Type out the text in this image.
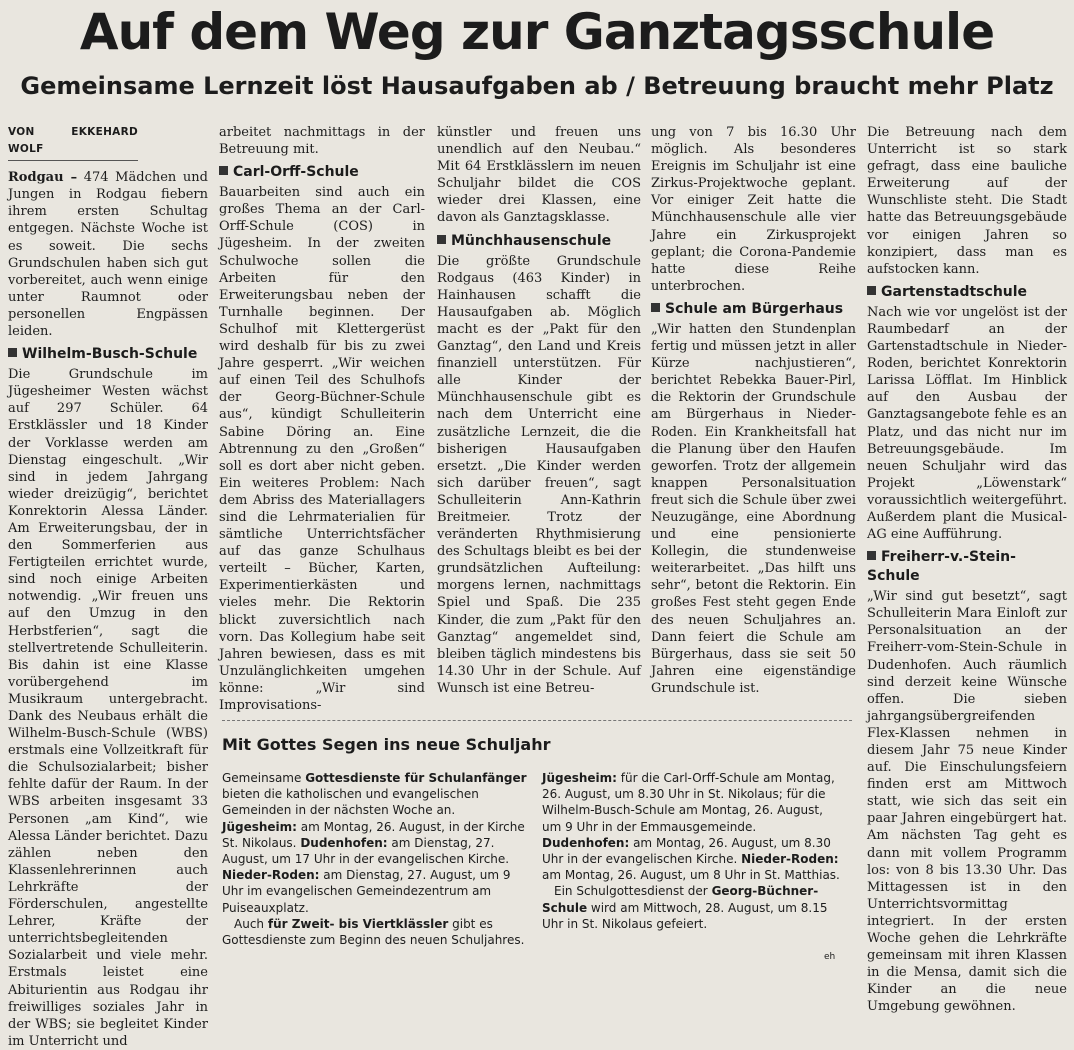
Auf dem Weg zur Ganztagsschule
Gemeinsame Lernzeit löst Hausaufgaben ab / Betreuung braucht mehr Platz
VON EKKEHARD WOLF

Rodgau – 474 Mädchen und Jungen in Rodgau fiebern ihrem ersten Schultag entgegen. Nächste Woche ist es soweit. Die sechs Grundschulen haben sich gut vorbereitet, auch wenn einige unter Raumnot oder personellen Engpässen leiden.

Wilhelm-Busch-Schule

Die Grundschule im Jügesheimer Westen wächst auf 297 Schüler. 64 Erstklässler und 18 Kinder der Vorklasse werden am Dienstag eingeschult. „Wir sind in jedem Jahrgang wieder dreizügig“, berichtet Konrektorin Alessa Länder. Am Erweiterungsbau, der in den Sommerferien aus Fertigteilen errichtet wurde, sind noch einige Arbeiten notwendig. „Wir freuen uns auf den Umzug in den Herbstferien“, sagt die stellvertretende Schulleiterin. Bis dahin ist eine Klasse vorübergehend im Musikraum untergebracht. Dank des Neubaus erhält die Wilhelm-Busch-Schule (WBS) erstmals eine Vollzeitkraft für die Schulsozialarbeit; bisher fehlte dafür der Raum. In der WBS arbeiten insgesamt 33 Personen „am Kind“, wie Alessa Länder berichtet. Dazu zählen neben den Klassenlehrerinnen auch Lehrkräfte der Förderschulen, angestellte Lehrer, Kräfte der unterrichtsbegleitenden Sozialarbeit und viele mehr. Erstmals leistet eine Abiturientin aus Rodgau ihr freiwilliges soziales Jahr in der WBS; sie begleitet Kinder im Unterricht und

arbeitet nachmittags in der Betreuung mit.

Carl-Orff-Schule

Bauarbeiten sind auch ein großes Thema an der Carl-Orff-Schule (COS) in Jügesheim. In der zweiten Schulwoche sollen die Arbeiten für den Erweiterungsbau neben der Turnhalle beginnen. Der Schulhof mit Klettergerüst wird deshalb für bis zu zwei Jahre gesperrt. „Wir weichen auf einen Teil des Schulhofs der Georg-Büchner-Schule aus“, kündigt Schulleiterin Sabine Döring an. Eine Abtrennung zu den „Großen“ soll es dort aber nicht geben. Ein weiteres Problem: Nach dem Abriss des Materiallagers sind die Lehrmaterialien für sämtliche Unterrichtsfächer auf das ganze Schulhaus verteilt – Bücher, Karten, Experimentierkästen und vieles mehr. Die Rektorin blickt zuversichtlich nach vorn. Das Kollegium habe seit Jahren bewiesen, dass es mit Unzulänglichkeiten umgehen könne: „Wir sind Improvisations-

künstler und freuen uns unendlich auf den Neubau.“ Mit 64 Erstklässlern im neuen Schuljahr bildet die COS wieder drei Klassen, eine davon als Ganztagsklasse.

Münchhausenschule

Die größte Grundschule Rodgaus (463 Kinder) in Hainhausen schafft die Hausaufgaben ab. Möglich macht es der „Pakt für den Ganztag“, den Land und Kreis finanziell unterstützen. Für alle Kinder der Münchhausenschule gibt es nach dem Unterricht eine zusätzliche Lernzeit, die die bisherigen Hausaufgaben ersetzt. „Die Kinder werden sich darüber freuen“, sagt Schulleiterin Ann-Kathrin Breitmeier. Trotz der veränderten Rhythmisierung des Schultags bleibt es bei der grundsätzlichen Aufteilung: morgens lernen, nachmittags Spiel und Spaß. Die 235 Kinder, die zum „Pakt für den Ganztag“ angemeldet sind, bleiben täglich mindestens bis 14.30 Uhr in der Schule. Auf Wunsch ist eine Betreu-

ung von 7 bis 16.30 Uhr möglich. Als besonderes Ereignis im Schuljahr ist eine Zirkus-Projektwoche geplant. Vor einiger Zeit hatte die Münchhausenschule alle vier Jahre ein Zirkusprojekt geplant; die Corona-Pandemie hatte diese Reihe unterbrochen.

Schule am Bürgerhaus

„Wir hatten den Stundenplan fertig und müssen jetzt in aller Kürze nachjustieren“, berichtet Rebekka Bauer-Pirl, die Rektorin der Grundschule am Bürgerhaus in Nieder-Roden. Ein Krankheitsfall hat die Planung über den Haufen geworfen. Trotz der allgemein knappen Personalsituation freut sich die Schule über zwei Neuzugänge, eine Abordnung und eine pensionierte Kollegin, die stundenweise weiterarbeitet. „Das hilft uns sehr“, betont die Rektorin. Ein großes Fest steht gegen Ende des neuen Schuljahres an. Dann feiert die Schule am Bürgerhaus, dass sie seit 50 Jahren eine eigenständige Grundschule ist.

Die Betreuung nach dem Unterricht ist so stark gefragt, dass eine bauliche Erweiterung auf der Wunschliste steht. Die Stadt hatte das Betreuungsgebäude vor einigen Jahren so konzipiert, dass man es aufstocken kann.

Gartenstadtschule

Nach wie vor ungelöst ist der Raumbedarf an der Gartenstadtschule in Nieder-Roden, berichtet Konrektorin Larissa Löfflat. Im Hinblick auf den Ausbau der Ganztagsangebote fehle es an Platz, und das nicht nur im Betreuungsgebäude. Im neuen Schuljahr wird das Projekt „Löwenstark“ voraussichtlich weitergeführt. Außerdem plant die Musical-AG eine Aufführung.

Freiherr-v.-Stein-Schule

„Wir sind gut besetzt“, sagt Schulleiterin Mara Einloft zur Personalsituation an der Freiherr-vom-Stein-Schule in Dudenhofen. Auch räumlich sind derzeit keine Wünsche offen. Die sieben jahrgangsübergreifenden Flex-Klassen nehmen in diesem Jahr 75 neue Kinder auf. Die Einschulungsfeiern finden erst am Mittwoch statt, wie sich das seit ein paar Jahren eingebürgert hat. Am nächsten Tag geht es dann mit vollem Programm los: von 8 bis 13.30 Uhr. Das Mittagessen ist in den Unterrichtsvormittag integriert. In der ersten Woche gehen die Lehrkräfte gemeinsam mit ihren Klassen in die Mensa, damit sich die Kinder an die neue Umgebung gewöhnen.

Mit Gottes Segen ins neue Schuljahr

Gemeinsame Gottesdienste für Schulanfänger bieten die katholischen und evangelischen Gemeinden in der nächsten Woche an. Jügesheim: am Montag, 26. August, in der Kirche St. Nikolaus. Dudenhofen: am Dienstag, 27. August, um 17 Uhr in der evangelischen Kirche. Nieder-Roden: am Dienstag, 27. August, um 9 Uhr im evangelischen Gemeindezentrum am Puiseauxplatz.

Auch für Zweit- bis Viertklässler gibt es Gottesdienste zum Beginn des neuen Schuljahres.

Jügesheim: für die Carl-Orff-Schule am Montag, 26. August, um 8.30 Uhr in St. Nikolaus; für die Wilhelm-Busch-Schule am Montag, 26. August, um 9 Uhr in der Emmausgemeinde.

Dudenhofen: am Montag, 26. August, um 8.30 Uhr in der evangelischen Kirche. Nieder-Roden: am Montag, 26. August, um 8 Uhr in St. Matthias.

Ein Schulgottesdienst der Georg-Büchner-Schule wird am Mittwoch, 28. August, um 8.15 Uhr in St. Nikolaus gefeiert.

eh
